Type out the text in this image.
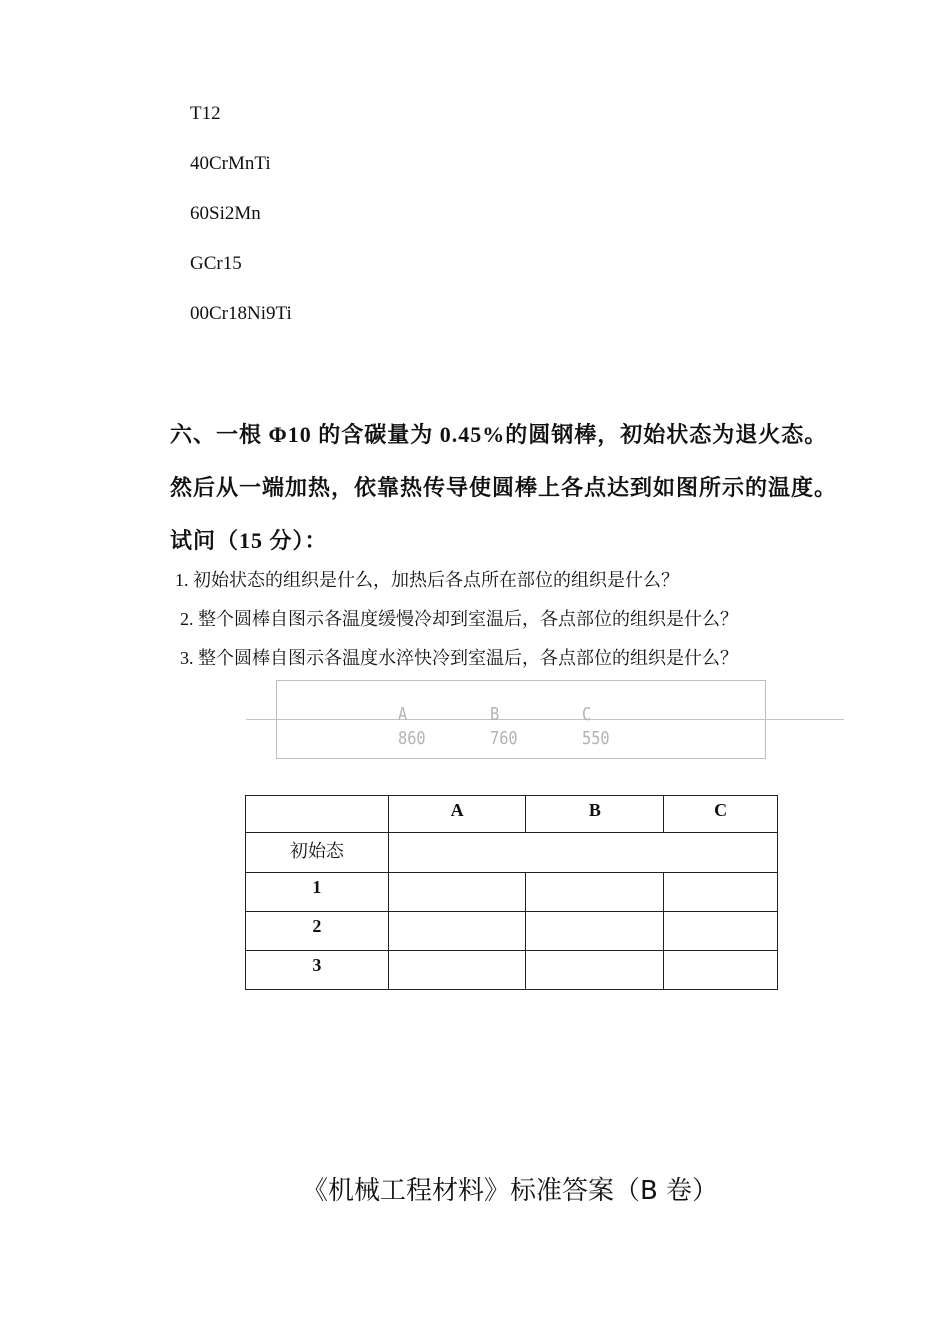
T12
40CrMnTi
60Si2Mn
GCr15
00Cr18Ni9Ti
六、一根 Φ10 的含碳量为 0.45%的圆钢棒，初始状态为退火态。
然后从一端加热，依靠热传导使圆棒上各点达到如图所示的温度。
试问（15 分）：
1. 初始状态的组织是什么，加热后各点所在部位的组织是什么？
2. 整个圆棒自图示各温度缓慢冷却到室温后，各点部位的组织是什么？
3. 整个圆棒自图示各温度水淬快冷到室温后，各点部位的组织是什么？
A
860
B
760
C
550
	A	B	C
初始态			
1			
2			
3			
《机械工程材料》标准答案（B 卷）
